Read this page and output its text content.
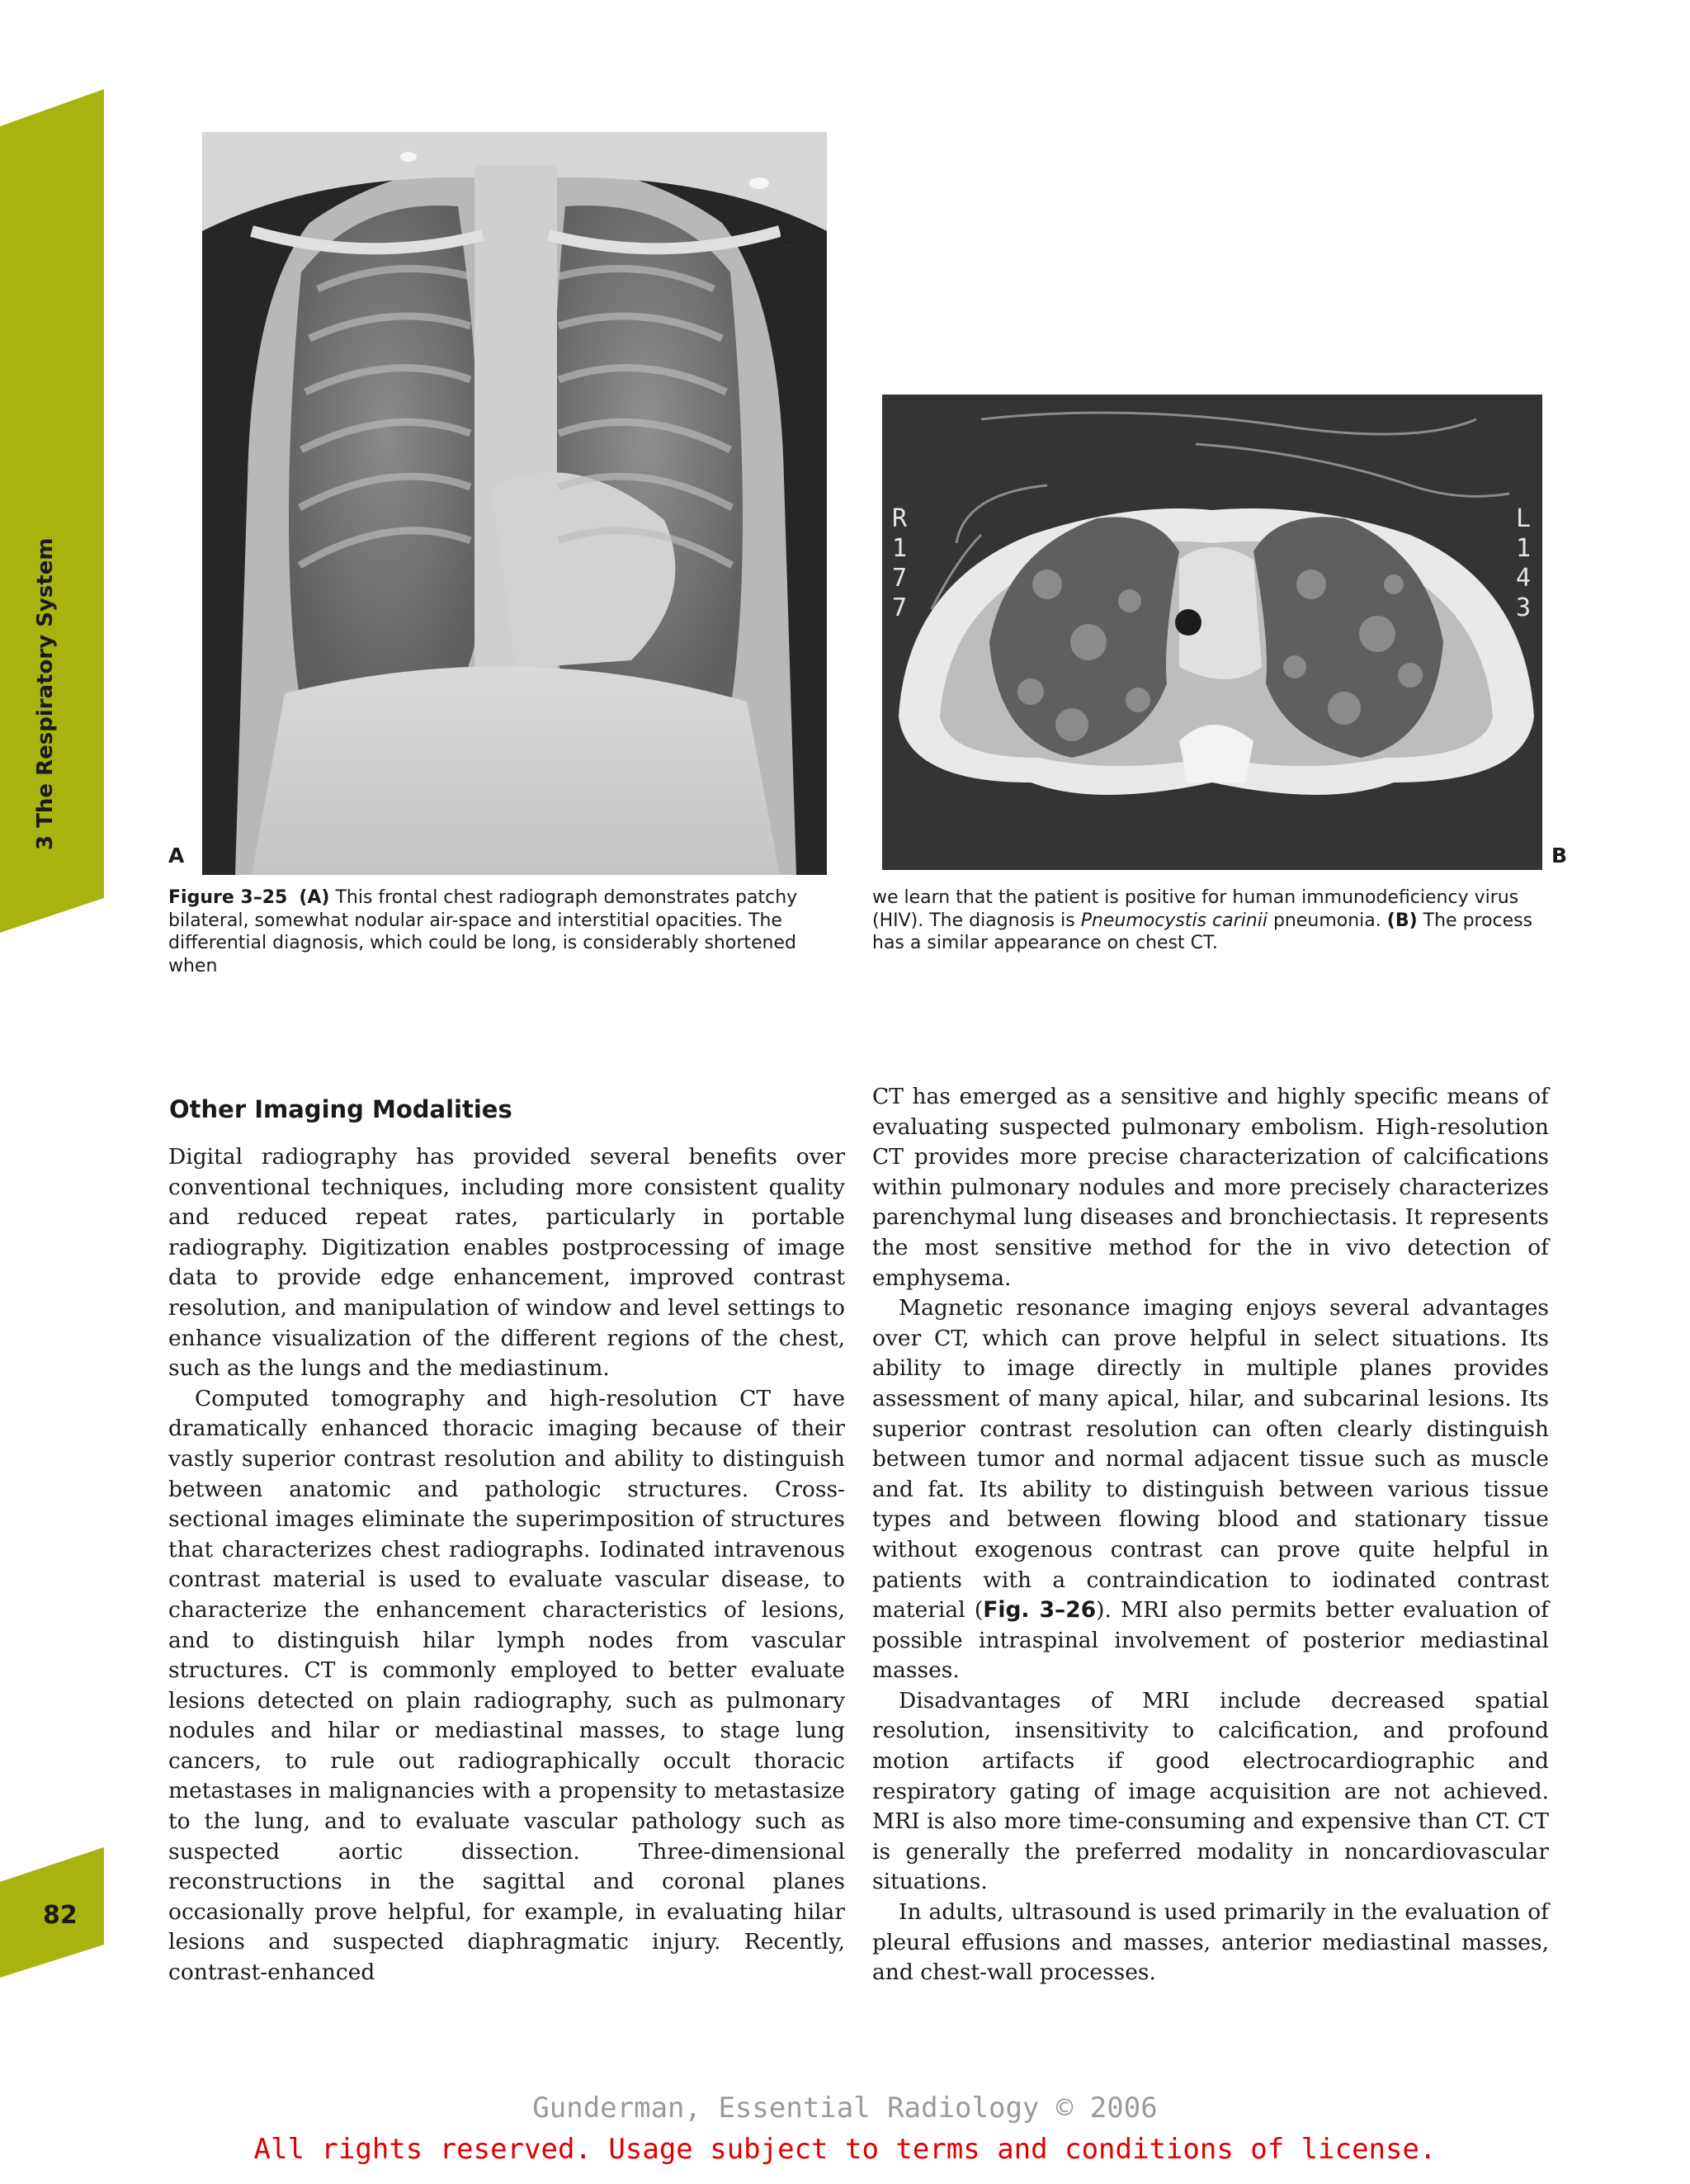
3 The Respiratory System
82
L
A
R
1
7
7
L
1
4
3
B
Figure 3–25 (A) This frontal chest radiograph demonstrates patchy bilateral, somewhat nodular air-space and interstitial opacities. The differential diagnosis, which could be long, is considerably shortened when
we learn that the patient is positive for human immunodeficiency virus (HIV). The diagnosis is Pneumocystis carinii pneumonia. (B) The process has a similar appearance on chest CT.
Other Imaging Modalities

Digital radiography has provided several benefits over conventional techniques, including more consistent quality and reduced repeat rates, particularly in portable radiography. Digitization enables postprocessing of image data to provide edge enhancement, improved contrast resolution, and manipulation of window and level settings to enhance visualization of the different regions of the chest, such as the lungs and the mediastinum.

Computed tomography and high-resolution CT have dramatically enhanced thoracic imaging because of their vastly superior contrast resolution and ability to distinguish between anatomic and pathologic structures. Cross-sectional images eliminate the superimposition of structures that characterizes chest radiographs. Iodinated intravenous contrast material is used to evaluate vascular disease, to characterize the enhancement characteristics of lesions, and to distinguish hilar lymph nodes from vascular structures. CT is commonly employed to better evaluate lesions detected on plain radiography, such as pulmonary nodules and hilar or mediastinal masses, to stage lung cancers, to rule out radiographically occult thoracic metastases in malignancies with a propensity to metastasize to the lung, and to evaluate vascular pathology such as suspected aortic dissection. Three-dimensional reconstructions in the sagittal and coronal planes occasionally prove helpful, for example, in evaluating hilar lesions and suspected diaphragmatic injury. Recently, contrast-enhanced

CT has emerged as a sensitive and highly specific means of evaluating suspected pulmonary embolism. High-resolution CT provides more precise characterization of calcifications within pulmonary nodules and more precisely characterizes parenchymal lung diseases and bronchiectasis. It represents the most sensitive method for the in vivo detection of emphysema.

Magnetic resonance imaging enjoys several advantages over CT, which can prove helpful in select situations. Its ability to image directly in multiple planes provides assessment of many apical, hilar, and subcarinal lesions. Its superior contrast resolution can often clearly distinguish between tumor and normal adjacent tissue such as muscle and fat. Its ability to distinguish between various tissue types and between flowing blood and stationary tissue without exogenous contrast can prove quite helpful in patients with a contraindication to iodinated contrast material (Fig. 3–26). MRI also permits better evaluation of possible intraspinal involvement of posterior mediastinal masses.

Disadvantages of MRI include decreased spatial resolution, insensitivity to calcification, and profound motion artifacts if good electrocardiographic and respiratory gating of image acquisition are not achieved. MRI is also more time-consuming and expensive than CT. CT is generally the preferred modality in noncardiovascular situations.

In adults, ultrasound is used primarily in the evaluation of pleural effusions and masses, anterior mediastinal masses, and chest-wall processes.

Gunderman, Essential Radiology © 2006
All rights reserved. Usage subject to terms and conditions of license.
